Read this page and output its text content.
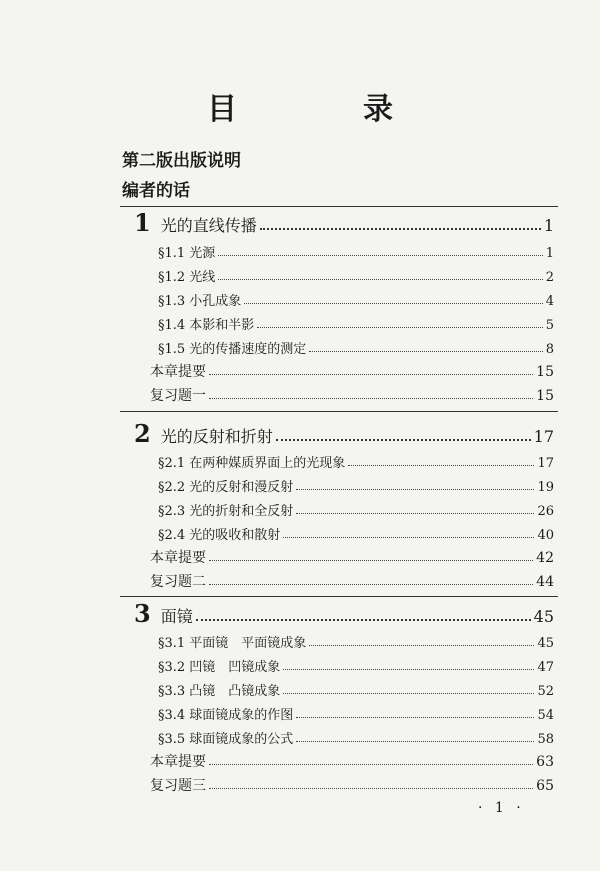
目　录
第二版出版说明
编者的话
1 光的直线传播	1
§1.1 光源	1
§1.2 光线	2
§1.3 小孔成象	4
§1.4 本影和半影	5
§1.5 光的传播速度的测定	8
本章提要	15
复习题一	15
2 光的反射和折射	17
§2.1 在两种媒质界面上的光现象	17
§2.2 光的反射和漫反射	19
§2.3 光的折射和全反射	26
§2.4 光的吸收和散射	40
本章提要	42
复习题二	44
3 面镜	45
§3.1 平面镜　平面镜成象	45
§3.2 凹镜　凹镜成象	47
§3.3 凸镜　凸镜成象	52
§3.4 球面镜成象的作图	54
§3.5 球面镜成象的公式	58
本章提要	63
复习题三	65
· 1 ·
